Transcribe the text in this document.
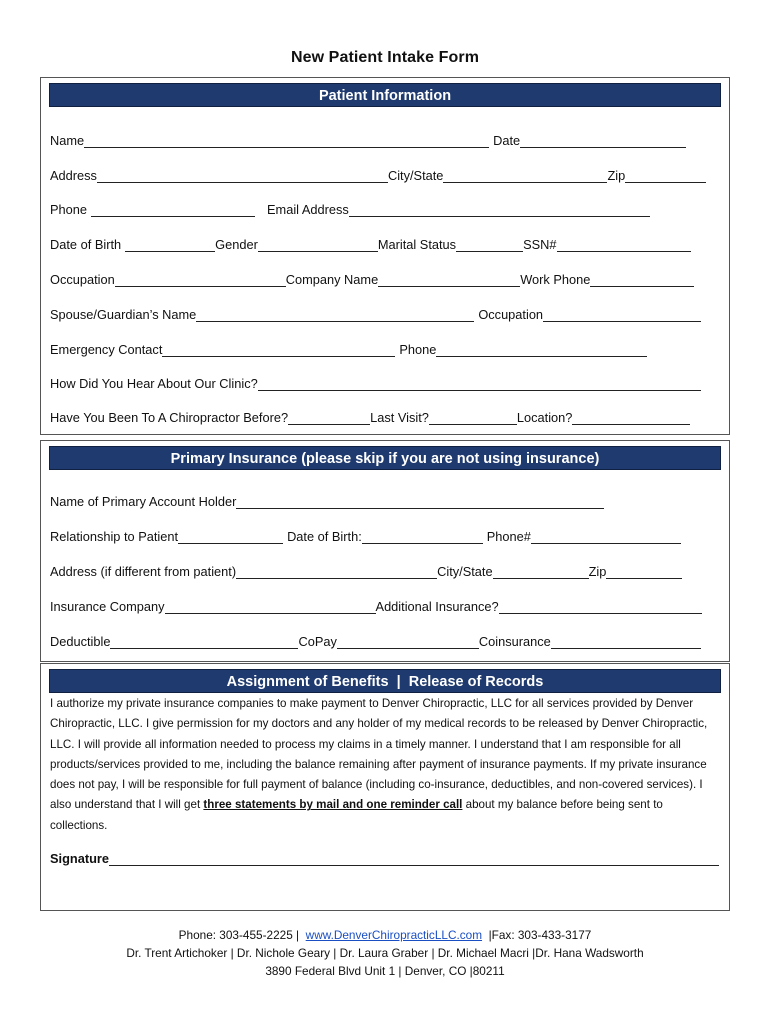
New Patient Intake Form
Patient Information
Name	Date
Address	City/State	Zip
Phone	Email Address
Date of Birth	Gender	Marital Status	SSN#
Occupation	Company Name	Work Phone
Spouse/Guardian’s Name	Occupation
Emergency Contact	Phone
How Did You Hear About Our Clinic?
Have You Been To A Chiropractor Before?	Last Visit?	Location?
Primary Insurance (please skip if you are not using insurance)
Name of Primary Account Holder
Relationship to Patient	Date of Birth:	Phone#
Address (if different from patient)	City/State	Zip
Insurance Company	Additional Insurance?
Deductible	CoPay	Coinsurance
Assignment of Benefits  |  Release of Records
I authorize my private insurance companies to make payment to Denver Chiropractic, LLC for all services provided by Denver Chiropractic, LLC. I give permission for my doctors and any holder of my medical records to be released by Denver Chiropractic, LLC. I will provide all information needed to process my claims in a timely manner. I understand that I am responsible for all products/services provided to me, including the balance remaining after payment of insurance payments. If my private insurance does not pay, I will be responsible for full payment of balance (including co-insurance, deductibles, and non-covered services). I also understand that I will get three statements by mail and one reminder call about my balance before being sent to collections.
Signature
Phone: 303-455-2225 |  www.DenverChiropracticLLC.com  |Fax: 303-433-3177
Dr. Trent Artichoker | Dr. Nichole Geary | Dr. Laura Graber | Dr. Michael Macri |Dr. Hana Wadsworth
3890 Federal Blvd Unit 1 | Denver, CO |80211
